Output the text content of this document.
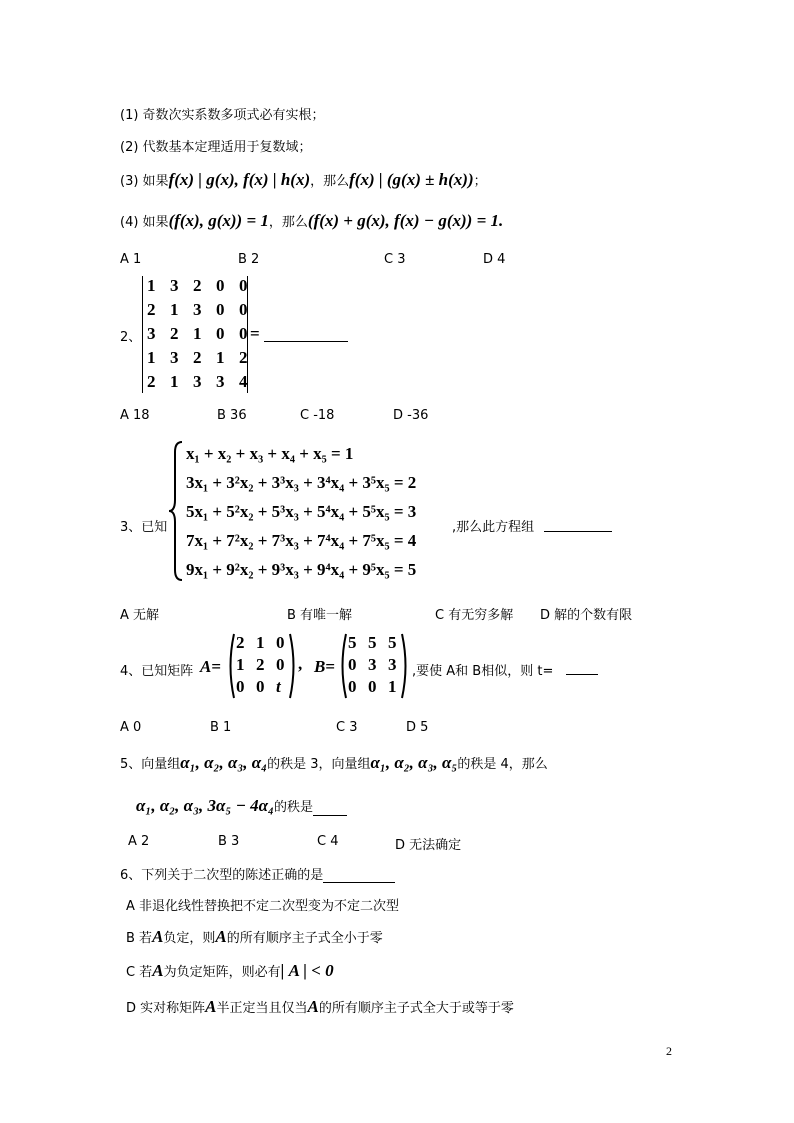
(1) 奇数次实系数多项式必有实根；
(2) 代数基本定理适用于复数域；
(3) 如果f(x) | g(x), f(x) | h(x)，那么f(x) | (g(x) ± h(x))；
(4) 如果(f(x), g(x)) = 1，那么(f(x) + g(x), f(x) − g(x)) = 1.
A 1	B 2	C 3	D 4
2、
1 3 2 0 0
2 1 3 0 0
3 2 1 0 0
1 3 2 1 2
2 1 3 3 4
=
A 18	B 36	C -18	D -36
3、已知
x₁ + x₂ + x₃ + x₄ + x₅ = 1
3x₁ + 3²x₂ + 3³x₃ + 3⁴x₄ + 3⁵x₅ = 2
5x₁ + 5²x₂ + 5³x₃ + 5⁴x₄ + 5⁵x₅ = 3
7x₁ + 7²x₂ + 7³x₃ + 7⁴x₄ + 7⁵x₅ = 4
9x₁ + 9²x₂ + 9³x₃ + 9⁴x₄ + 9⁵x₅ = 5
,那么此方程组
A 无解	B 有唯一解	C 有无穷多解 D 解的个数有限
4、已知矩阵 A=
2 1 0
1 2 0
0 0 t
, B=
5 5 5
0 3 3
0 0 1
,要使 A和 B相似，则 t=
A 0	B 1	C 3	D 5
5、向量组α₁, α₂, α₃, α₄的秩是 3，向量组α₁, α₂, α₃, α₅的秩是 4，那么
α₁, α₂, α₃, 3α₅ − 4α₄的秩是
A 2	B 3	C 4	D 无法确定
6、下列关于二次型的陈述正确的是
A 非退化线性替换把不定二次型变为不定二次型
B 若A负定，则A的所有顺序主子式全小于零
C 若A为负定矩阵，则必有| A | < 0
D 实对称矩阵A半正定当且仅当A的所有顺序主子式全大于或等于零
2
